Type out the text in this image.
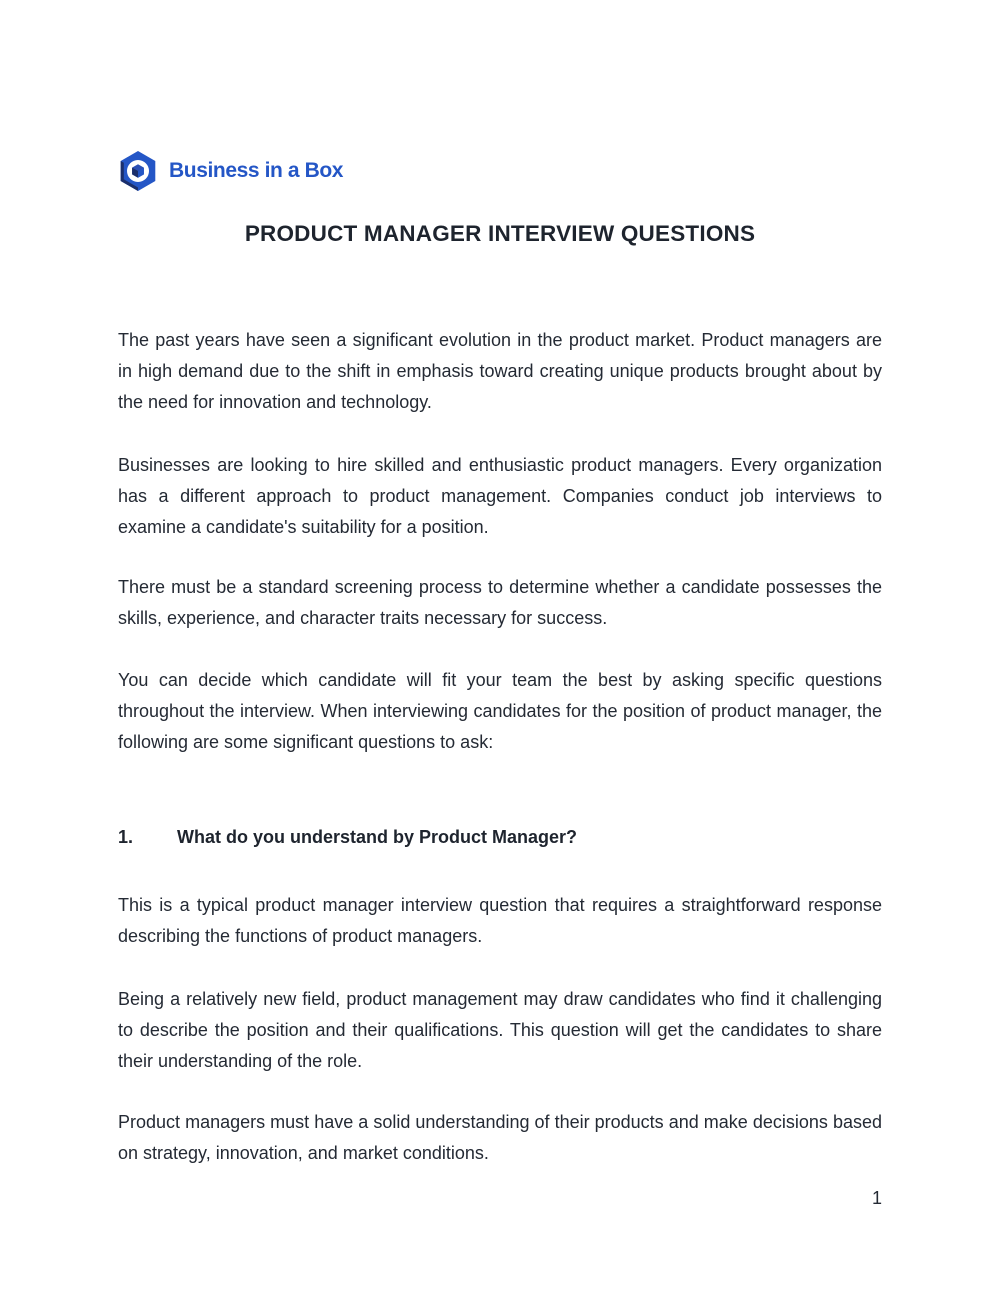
Business in a Box
PRODUCT MANAGER INTERVIEW QUESTIONS
The past years have seen a significant evolution in the product market. Product managers are in high demand due to the shift in emphasis toward creating unique products brought about by the need for innovation and technology.
Businesses are looking to hire skilled and enthusiastic product managers. Every organization has a different approach to product management. Companies conduct job interviews to examine a candidate's suitability for a position.
There must be a standard screening process to determine whether a candidate possesses the skills, experience, and character traits necessary for success.
You can decide which candidate will fit your team the best by asking specific questions throughout the interview. When interviewing candidates for the position of product manager, the following are some significant questions to ask:
1.	What do you understand by Product Manager?
This is a typical product manager interview question that requires a straightforward response describing the functions of product managers.
Being a relatively new field, product management may draw candidates who find it challenging to describe the position and their qualifications. This question will get the candidates to share their understanding of the role.
Product managers must have a solid understanding of their products and make decisions based on strategy, innovation, and market conditions.
1
